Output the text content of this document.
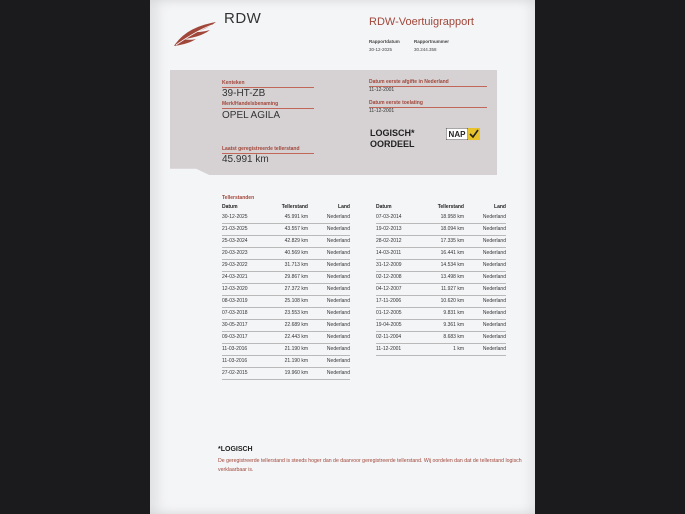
RDW	RDW-Voertuigrapport
Rapportdatum	Rapportnummer
30-12-2025	30.244.358
Kenteken
39-HT-ZB
Merk/Handelsbenaming
OPEL AGILA
Laatst geregistreerde tellerstand
45.991 km
Datum eerste afgifte in Nederland
11-12-2001
Datum eerste toelating
11-12-2001
LOGISCH*
OORDEEL
NAP
Tellerstanden
Datum	Tellerstand	Land
30-12-2025	45.991 km	Nederland
21-03-2025	43.557 km	Nederland
25-03-2024	42.829 km	Nederland
20-03-2023	40.569 km	Nederland
29-03-2022	31.713 km	Nederland
24-03-2021	29.867 km	Nederland
12-03-2020	27.372 km	Nederland
08-03-2019	25.108 km	Nederland
07-03-2018	23.553 km	Nederland
30-05-2017	22.689 km	Nederland
09-03-2017	22.443 km	Nederland
11-03-2016	21.190 km	Nederland
11-03-2016	21.190 km	Nederland
27-02-2015	19.960 km	Nederland
Datum	Tellerstand	Land
07-03-2014	18.958 km	Nederland
19-02-2013	18.094 km	Nederland
28-02-2012	17.335 km	Nederland
14-03-2011	16.441 km	Nederland
31-12-2009	14.534 km	Nederland
02-12-2008	13.498 km	Nederland
04-12-2007	11.927 km	Nederland
17-11-2006	10.620 km	Nederland
01-12-2005	9.831 km	Nederland
19-04-2005	9.361 km	Nederland
02-11-2004	8.683 km	Nederland
11-12-2001	1 km	Nederland
*LOGISCH
De geregistreerde tellerstand is steeds hoger dan de daarvoor geregistreerde tellerstand. Wij oordelen dan dat de tellerstand logisch verklaarbaar is.
